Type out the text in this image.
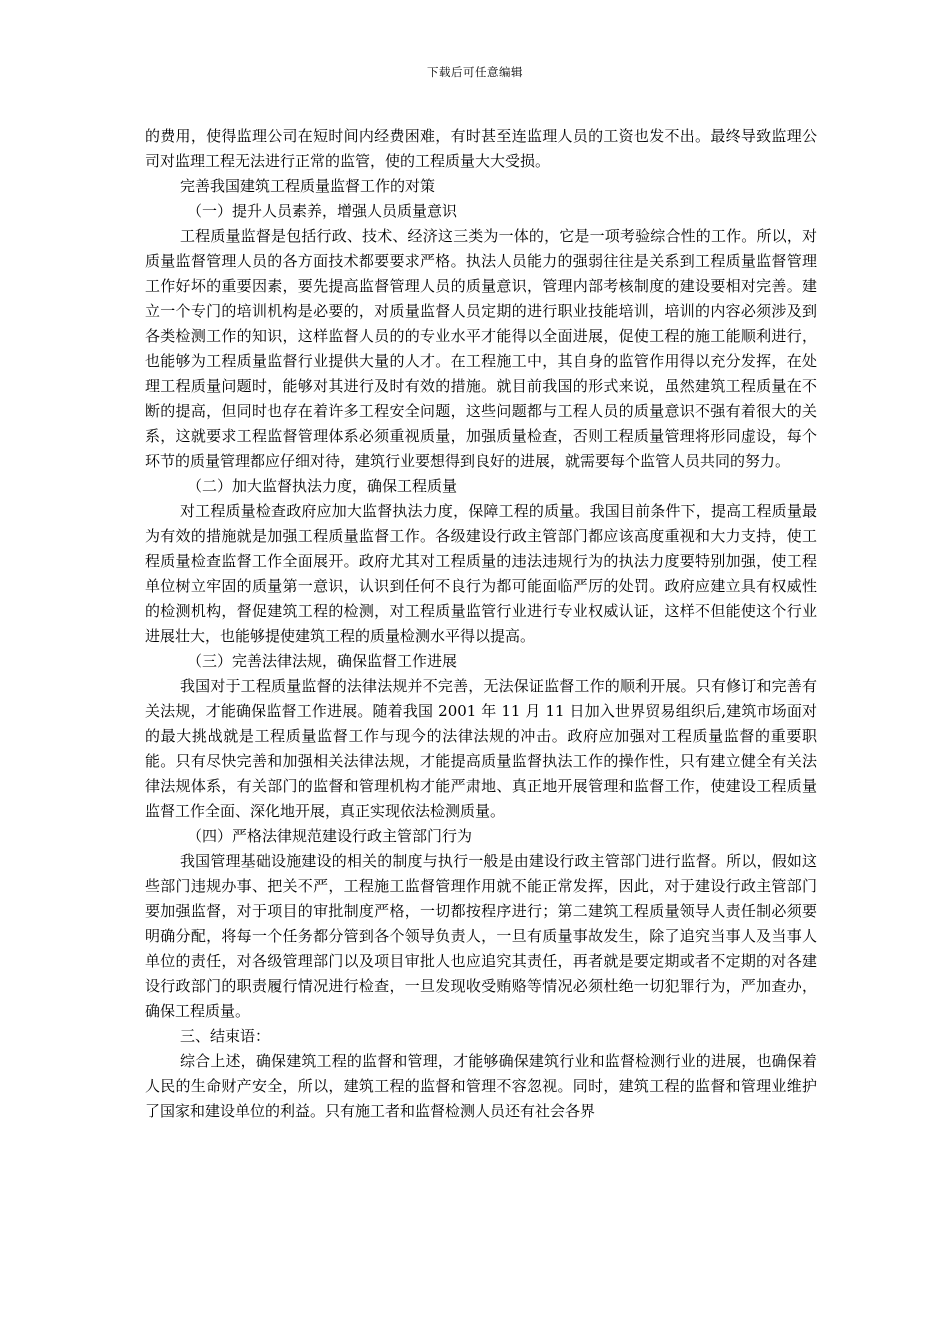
下载后可任意编辑

的费用，使得监理公司在短时间内经费困难，有时甚至连监理人员的工资也发不出。最终导致监理公司对监理工程无法进行正常的监管，使的工程质量大大受损。

完善我国建筑工程质量监督工作的对策

（一）提升人员素养，增强人员质量意识

工程质量监督是包括行政、技术、经济这三类为一体的，它是一项考验综合性的工作。所以，对质量监督管理人员的各方面技术都要要求严格。执法人员能力的强弱往往是关系到工程质量监督管理工作好坏的重要因素，要先提高监督管理人员的质量意识，管理内部考核制度的建设要相对完善。建立一个专门的培训机构是必要的，对质量监督人员定期的进行职业技能培训，培训的内容必须涉及到各类检测工作的知识，这样监督人员的的专业水平才能得以全面进展，促使工程的施工能顺利进行，也能够为工程质量监督行业提供大量的人才。在工程施工中，其自身的监管作用得以充分发挥，在处理工程质量问题时，能够对其进行及时有效的措施。就目前我国的形式来说，虽然建筑工程质量在不断的提高，但同时也存在着许多工程安全问题，这些问题都与工程人员的质量意识不强有着很大的关系，这就要求工程监督管理体系必须重视质量，加强质量检查，否则工程质量管理将形同虚设，每个环节的质量管理都应仔细对待，建筑行业要想得到良好的进展，就需要每个监管人员共同的努力。

（二）加大监督执法力度，确保工程质量

对工程质量检查政府应加大监督执法力度，保障工程的质量。我国目前条件下，提高工程质量最为有效的措施就是加强工程质量监督工作。各级建设行政主管部门都应该高度重视和大力支持，使工程质量检查监督工作全面展开。政府尤其对工程质量的违法违规行为的执法力度要特别加强，使工程单位树立牢固的质量第一意识，认识到任何不良行为都可能面临严厉的处罚。政府应建立具有权威性的检测机构，督促建筑工程的检测，对工程质量监管行业进行专业权威认证，这样不但能使这个行业进展壮大，也能够提使建筑工程的质量检测水平得以提高。

（三）完善法律法规，确保监督工作进展

我国对于工程质量监督的法律法规并不完善，无法保证监督工作的顺利开展。只有修订和完善有关法规，才能确保监督工作进展。随着我国 2001 年 11 月 11 日加入世界贸易组织后,建筑市场面对的最大挑战就是工程质量监督工作与现今的法律法规的冲击。政府应加强对工程质量监督的重要职能。只有尽快完善和加强相关法律法规，才能提高质量监督执法工作的操作性，只有建立健全有关法律法规体系，有关部门的监督和管理机构才能严肃地、真正地开展管理和监督工作，使建设工程质量监督工作全面、深化地开展，真正实现依法检测质量。

（四）严格法律规范建设行政主管部门行为

我国管理基础设施建设的相关的制度与执行一般是由建设行政主管部门进行监督。所以，假如这些部门违规办事、把关不严，工程施工监督管理作用就不能正常发挥，因此，对于建设行政主管部门要加强监督，对于项目的审批制度严格，一切都按程序进行；第二建筑工程质量领导人责任制必须要明确分配，将每一个任务都分管到各个领导负责人，一旦有质量事故发生，除了追究当事人及当事人单位的责任，对各级管理部门以及项目审批人也应追究其责任，再者就是要定期或者不定期的对各建设行政部门的职责履行情况进行检查，一旦发现收受贿赂等情况必须杜绝一切犯罪行为，严加查办，确保工程质量。

三、结束语：

综合上述，确保建筑工程的监督和管理，才能够确保建筑行业和监督检测行业的进展，也确保着人民的生命财产安全，所以，建筑工程的监督和管理不容忽视。同时，建筑工程的监督和管理业维护了国家和建设单位的利益。只有施工者和监督检测人员还有社会各界
